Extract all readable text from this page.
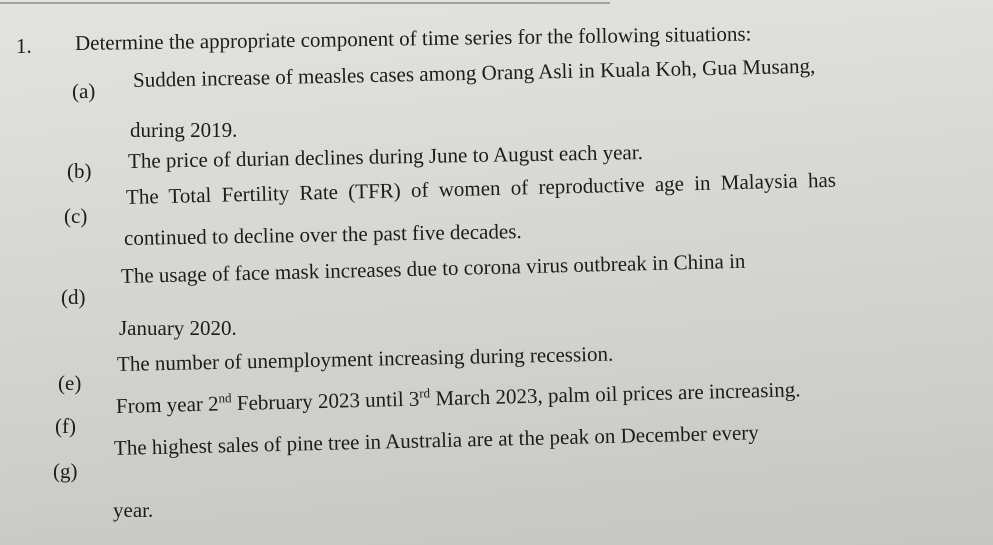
1. Determine the appropriate component of time series for the following situations:
(a) Sudden increase of measles cases among Orang Asli in Kuala Koh, Gua Musang,
during 2019.
(b) The price of durian declines during June to August each year.
(c)
The Total Fertility Rate (TFR) of women of reproductive age in Malaysia has
continued to decline over the past five decades.
(d)
The usage of face mask increases due to corona virus outbreak in China in
January 2020.
(e)
The number of unemployment increasing during recession.
(f)
From year 2nd February 2023 until 3rd March 2023, palm oil prices are increasing.
(g)
The highest sales of pine tree in Australia are at the peak on December every
year.
